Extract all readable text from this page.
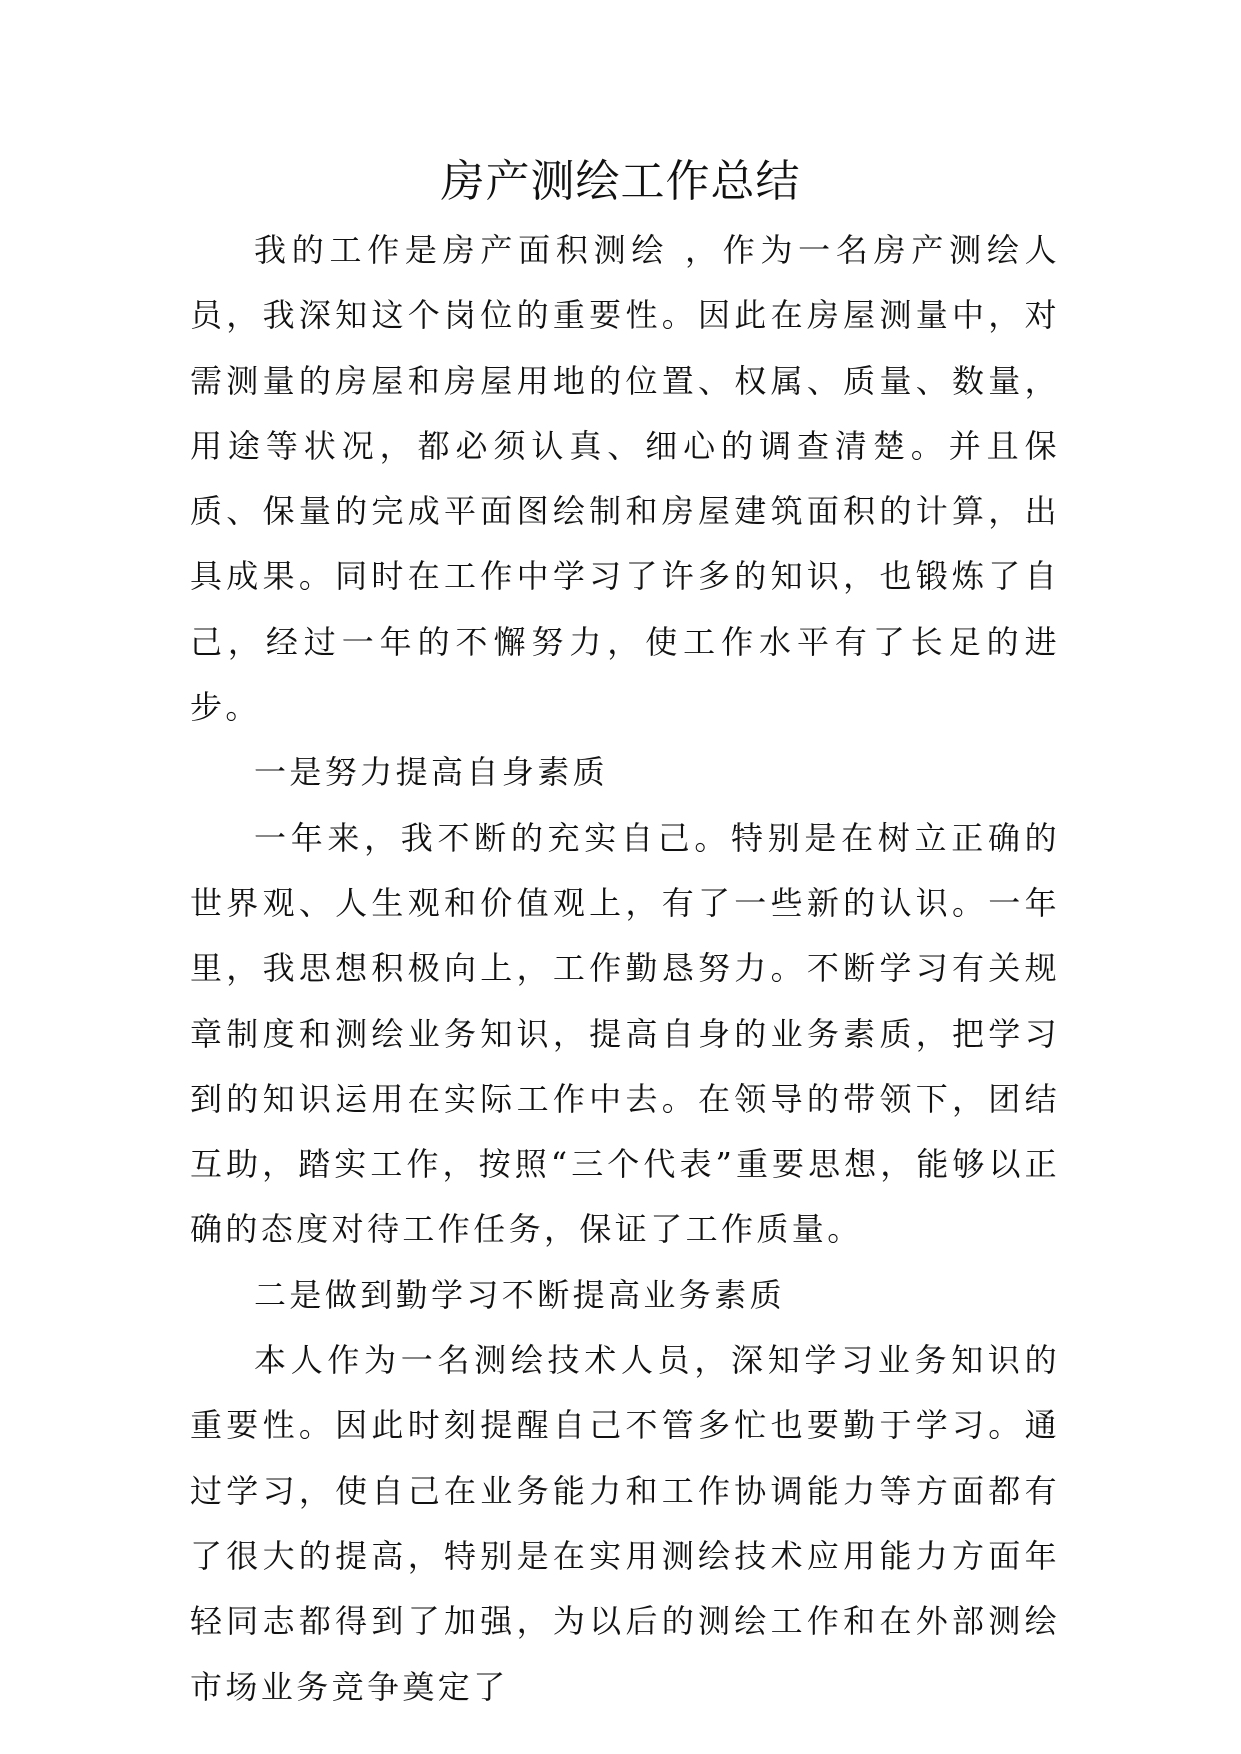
房产测绘工作总结

我的工作是房产面积测绘 ，作为一名房产测绘人员，我深知这个岗位的重要性。因此在房屋测量中，对需测量的房屋和房屋用地的位置、权属、质量、数量，用途等状况，都必须认真、细心的调查清楚。并且保质、保量的完成平面图绘制和房屋建筑面积的计算，出具成果。同时在工作中学习了许多的知识，也锻炼了自己，经过一年的不懈努力，使工作水平有了长足的进步。

一是努力提高自身素质

一年来，我不断的充实自己。特别是在树立正确的世界观、人生观和价值观上，有了一些新的认识。一年里，我思想积极向上，工作勤恳努力。不断学习有关规章制度和测绘业务知识，提高自身的业务素质，把学习到的知识运用在实际工作中去。在领导的带领下，团结互助，踏实工作，按照“三个代表”重要思想，能够以正确的态度对待工作任务，保证了工作质量。

二是做到勤学习不断提高业务素质

本人作为一名测绘技术人员，深知学习业务知识的重要性。因此时刻提醒自己不管多忙也要勤于学习。通过学习，使自己在业务能力和工作协调能力等方面都有了很大的提高，特别是在实用测绘技术应用能力方面年轻同志都得到了加强，为以后的测绘工作和在外部测绘市场业务竞争奠定了
